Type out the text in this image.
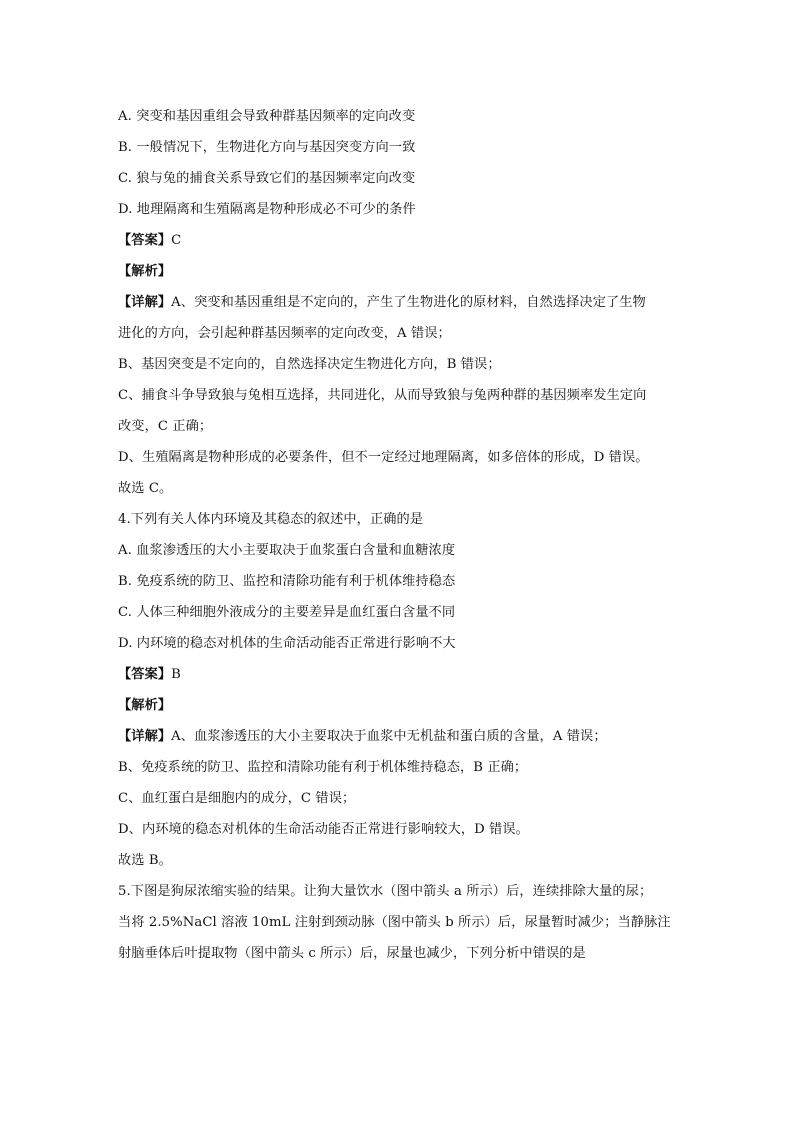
A. 突变和基因重组会导致种群基因频率的定向改变
B. 一般情况下，生物进化方向与基因突变方向一致
C. 狼与兔的捕食关系导致它们的基因频率定向改变
D. 地理隔离和生殖隔离是物种形成必不可少的条件
【答案】C
【解析】
【详解】A、突变和基因重组是不定向的，产生了生物进化的原材料，自然选择决定了生物
进化的方向，会引起种群基因频率的定向改变，A 错误；
B、基因突变是不定向的，自然选择决定生物进化方向，B 错误；
C、捕食斗争导致狼与兔相互选择，共同进化，从而导致狼与兔两种群的基因频率发生定向
改变，C 正确；
D、生殖隔离是物种形成的必要条件，但不一定经过地理隔离，如多倍体的形成，D 错误。
故选 C。
4.下列有关人体内环境及其稳态的叙述中，正确的是
A. 血浆渗透压的大小主要取决于血浆蛋白含量和血糖浓度
B. 免疫系统的防卫、监控和清除功能有利于机体维持稳态
C. 人体三种细胞外液成分的主要差异是血红蛋白含量不同
D. 内环境的稳态对机体的生命活动能否正常进行影响不大
【答案】B
【解析】
【详解】A、血浆渗透压的大小主要取决于血浆中无机盐和蛋白质的含量，A 错误；
B、免疫系统的防卫、监控和清除功能有利于机体维持稳态，B 正确；
C、血红蛋白是细胞内的成分，C 错误；
D、内环境的稳态对机体的生命活动能否正常进行影响较大，D 错误。
故选 B。
5.下图是狗尿浓缩实验的结果。让狗大量饮水（图中箭头 a 所示）后，连续排除大量的尿；
当将 2.5%NaCl 溶液 10mL 注射到颈动脉（图中箭头 b 所示）后，尿量暂时减少；当静脉注
射脑垂体后叶提取物（图中箭头 c 所示）后，尿量也减少，下列分析中错误的是
